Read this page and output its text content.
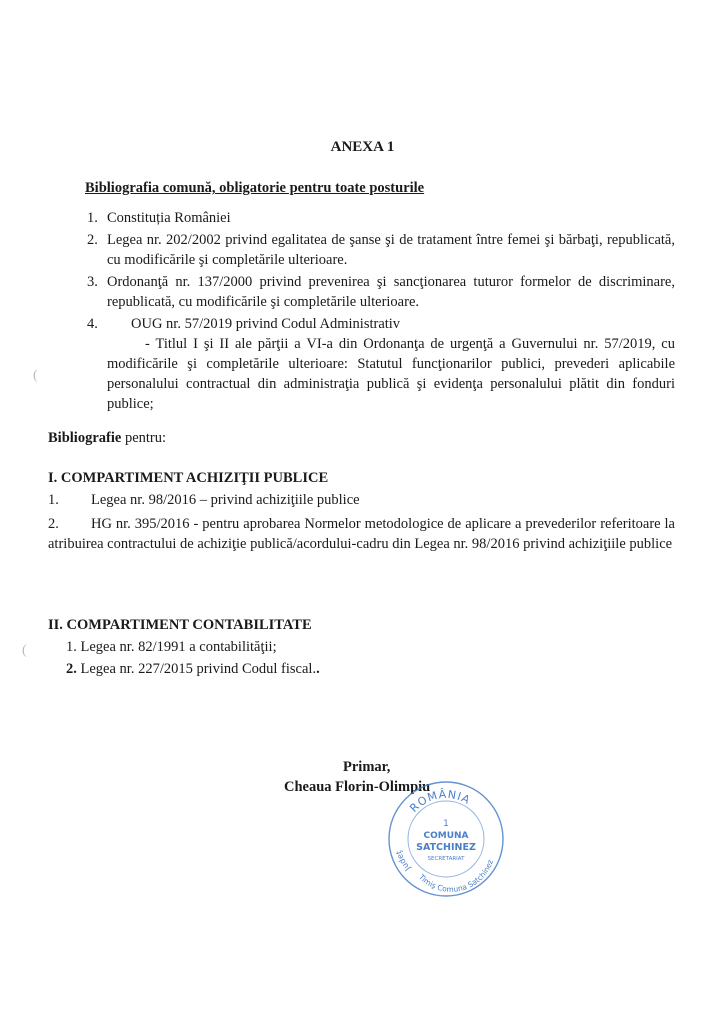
ANEXA 1
Bibliografia comună, obligatorie pentru toate posturile
1. Constituția României
2. Legea nr. 202/2002 privind egalitatea de şanse şi de tratament între femei şi bărbaţi, republicată, cu modificările şi completările ulterioare.
3. Ordonanţă nr. 137/2000 privind prevenirea şi sancţionarea tuturor formelor de discriminare, republicată, cu modificările şi completările ulterioare.
4. OUG nr. 57/2019 privind Codul Administrativ
- Titlul I şi II ale părţii a VI-a din Ordonanţa de urgenţă a Guvernului nr. 57/2019, cu modificările şi completările ulterioare: Statutul funcţionarilor publici, prevederi aplicabile personalului contractual din administraţia publică şi evidenţa personalului plătit din fonduri publice;
Bibliografie pentru:
I. COMPARTIMENT ACHIZIŢII PUBLICE
1. Legea nr. 98/2016 – privind achiziţiile publice
2.	HG nr. 395/2016 - pentru aprobarea Normelor metodologice de aplicare a prevederilor referitoare la atribuirea contractului de achiziţie publică/acordului-cadru din Legea nr. 98/2016 privind achiziţiile publice
II. COMPARTIMENT CONTABILITATE
1. Legea nr. 82/1991 a contabilităţii;
2. Legea nr. 227/2015 privind Codul fiscal..
Primar,
Cheaua Florin-Olimpiu
ROMÂNIA
Judeţ
Timiş Comuna Satchinez
1
COMUNA
SATCHINEZ
SECRETARIAT
(
(
